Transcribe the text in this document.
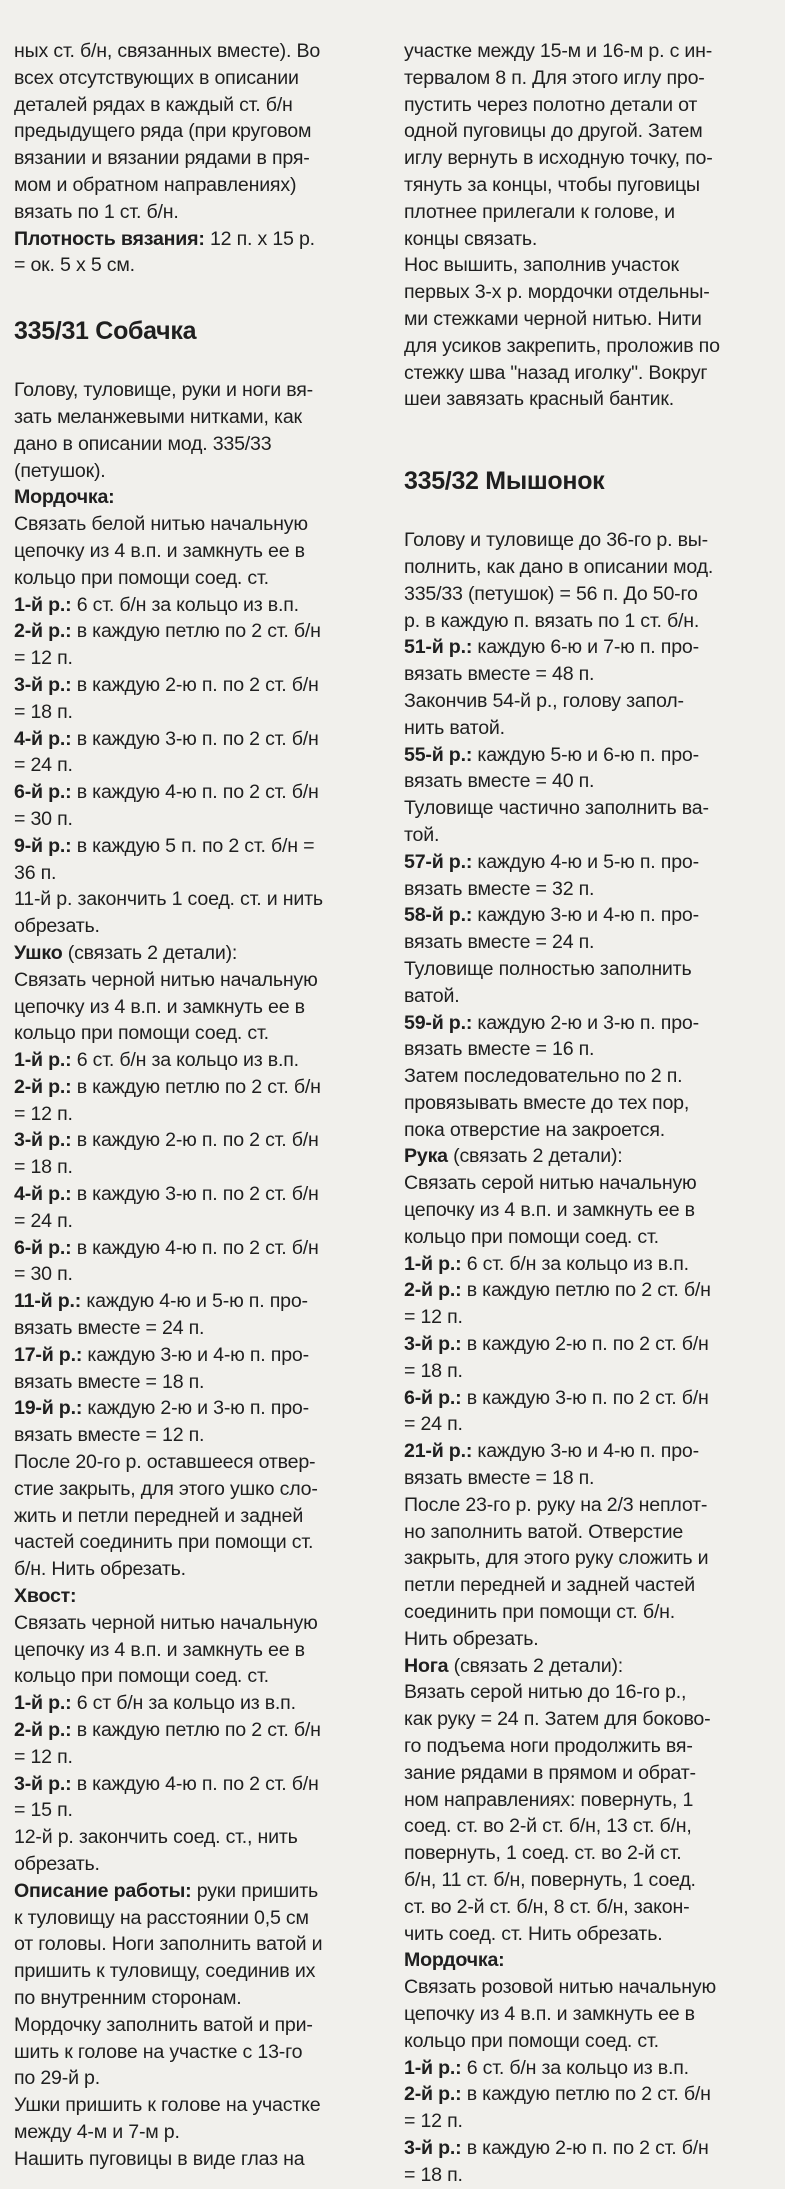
ных ст. б/н, связанных вместе). Во

всех отсутствующих в описании

деталей рядах в каждый ст. б/н

предыдущего ряда (при круговом

вязании и вязании рядами в пря-

мом и обратном направлениях)

вязать по 1 ст. б/н.

Плотность вязания: 12 п. х 15 р.

= ок. 5 х 5 см.

335/31 Собачка

Голову, туловище, руки и ноги вя-

зать меланжевыми нитками, как

дано в описании мод. 335/33

(петушок).

Мордочка:

Связать белой нитью начальную

цепочку из 4 в.п. и замкнуть ее в

кольцо при помощи соед. ст.

1-й р.: 6 ст. б/н за кольцо из в.п.

2-й р.: в каждую петлю по 2 ст. б/н

= 12 п.

3-й р.: в каждую 2-ю п. по 2 ст. б/н

= 18 п.

4-й р.: в каждую 3-ю п. по 2 ст. б/н

= 24 п.

6-й р.: в каждую 4-ю п. по 2 ст. б/н

= 30 п.

9-й р.: в каждую 5 п. по 2 ст. б/н =

36 п.

11-й р. закончить 1 соед. ст. и нить

обрезать.

Ушко (связать 2 детали):

Связать черной нитью начальную

цепочку из 4 в.п. и замкнуть ее в

кольцо при помощи соед. ст.

1-й р.: 6 ст. б/н за кольцо из в.п.

2-й р.: в каждую петлю по 2 ст. б/н

= 12 п.

3-й р.: в каждую 2-ю п. по 2 ст. б/н

= 18 п.

4-й р.: в каждую 3-ю п. по 2 ст. б/н

= 24 п.

6-й р.: в каждую 4-ю п. по 2 ст. б/н

= 30 п.

11-й р.: каждую 4-ю и 5-ю п. про-

вязать вместе = 24 п.

17-й р.: каждую 3-ю и 4-ю п. про-

вязать вместе = 18 п.

19-й р.: каждую 2-ю и 3-ю п. про-

вязать вместе = 12 п.

После 20-го р. оставшееся отвер-

стие закрыть, для этого ушко сло-

жить и петли передней и задней

частей соединить при помощи ст.

б/н. Нить обрезать.

Хвост:

Связать черной нитью начальную

цепочку из 4 в.п. и замкнуть ее в

кольцо при помощи соед. ст.

1-й р.: 6 ст б/н за кольцо из в.п.

2-й р.: в каждую петлю по 2 ст. б/н

= 12 п.

3-й р.: в каждую 4-ю п. по 2 ст. б/н

= 15 п.

12-й р. закончить соед. ст., нить

обрезать.

Описание работы: руки пришить

к туловищу на расстоянии 0,5 см

от головы. Ноги заполнить ватой и

пришить к туловищу, соединив их

по внутренним сторонам.

Мордочку заполнить ватой и при-

шить к голове на участке с 13-го

по 29-й р.

Ушки пришить к голове на участке

между 4-м и 7-м р.

Нашить пуговицы в виде глаз на

участке между 15-м и 16-м р. с ин-

тервалом 8 п. Для этого иглу про-

пустить через полотно детали от

одной пуговицы до другой. Затем

иглу вернуть в исходную точку, по-

тянуть за концы, чтобы пуговицы

плотнее прилегали к голове, и

концы связать.

Нос вышить, заполнив участок

первых 3-х р. мордочки отдельны-

ми стежками черной нитью. Нити

для усиков закрепить, проложив по

стежку шва "назад иголку". Вокруг

шеи завязать красный бантик.

335/32 Мышонок

Голову и туловище до 36-го р. вы-

полнить, как дано в описании мод.

335/33 (петушок) = 56 п. До 50-го

р. в каждую п. вязать по 1 ст. б/н.

51-й р.: каждую 6-ю и 7-ю п. про-

вязать вместе = 48 п.

Закончив 54-й р., голову запол-

нить ватой.

55-й р.: каждую 5-ю и 6-ю п. про-

вязать вместе = 40 п.

Туловище частично заполнить ва-

той.

57-й р.: каждую 4-ю и 5-ю п. про-

вязать вместе = 32 п.

58-й р.: каждую 3-ю и 4-ю п. про-

вязать вместе = 24 п.

Туловище полностью заполнить

ватой.

59-й р.: каждую 2-ю и 3-ю п. про-

вязать вместе = 16 п.

Затем последовательно по 2 п.

провязывать вместе до тех пор,

пока отверстие на закроется.

Рука (связать 2 детали):

Связать серой нитью начальную

цепочку из 4 в.п. и замкнуть ее в

кольцо при помощи соед. ст.

1-й р.: 6 ст. б/н за кольцо из в.п.

2-й р.: в каждую петлю по 2 ст. б/н

= 12 п.

3-й р.: в каждую 2-ю п. по 2 ст. б/н

= 18 п.

6-й р.: в каждую 3-ю п. по 2 ст. б/н

= 24 п.

21-й р.: каждую 3-ю и 4-ю п. про-

вязать вместе = 18 п.

После 23-го р. руку на 2/3 неплот-

но заполнить ватой. Отверстие

закрыть, для этого руку сложить и

петли передней и задней частей

соединить при помощи ст. б/н.

Нить обрезать.

Нога (связать 2 детали):

Вязать серой нитью до 16-го р.,

как руку = 24 п. Затем для боково-

го подъема ноги продолжить вя-

зание рядами в прямом и обрат-

ном направлениях: повернуть, 1

соед. ст. во 2-й ст. б/н, 13 ст. б/н,

повернуть, 1 соед. ст. во 2-й ст.

б/н, 11 ст. б/н, повернуть, 1 соед.

ст. во 2-й ст. б/н, 8 ст. б/н, закон-

чить соед. ст. Нить обрезать.

Мордочка:

Связать розовой нитью начальную

цепочку из 4 в.п. и замкнуть ее в

кольцо при помощи соед. ст.

1-й р.: 6 ст. б/н за кольцо из в.п.

2-й р.: в каждую петлю по 2 ст. б/н

= 12 п.

3-й р.: в каждую 2-ю п. по 2 ст. б/н

= 18 п.
